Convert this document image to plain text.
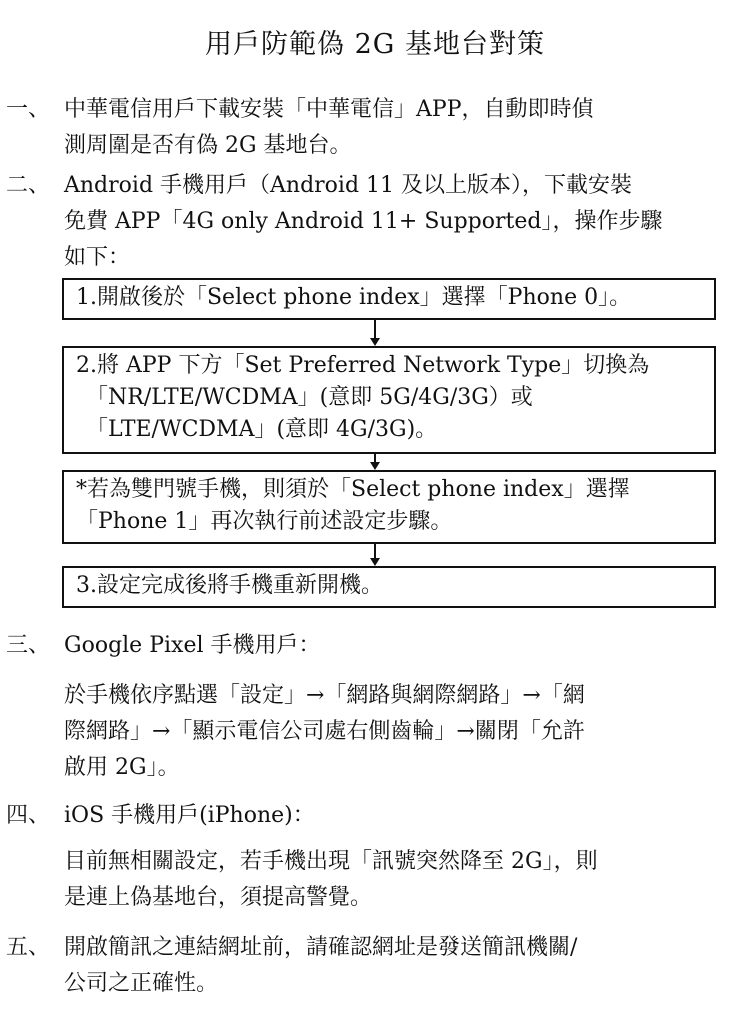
用戶防範偽 2G 基地台對策
一、 中華電信用戶下載安裝「中華電信」APP，自動即時偵
測周圍是否有偽 2G 基地台。
二、 Android 手機用戶（Android 11 及以上版本），下載安裝
免費 APP「4G only Android 11+ Supported」，操作步驟
如下：
1.開啟後於「Select phone index」選擇「Phone 0」。
2.將 APP 下方「Set Preferred Network Type」切換為
「NR/LTE/WCDMA」(意即 5G/4G/3G）或
「LTE/WCDMA」(意即 4G/3G)。
*若為雙門號手機，則須於「Select phone index」選擇
「Phone 1」再次執行前述設定步驟。
3.設定完成後將手機重新開機。
三、 Google Pixel 手機用戶：
於手機依序點選「設定」→「網路與網際網路」→「網
際網路」→「顯示電信公司處右側齒輪」→關閉「允許
啟用 2G」。
四、 iOS 手機用戶(iPhone)：
目前無相關設定，若手機出現「訊號突然降至 2G」，則
是連上偽基地台，須提高警覺。
五、 開啟簡訊之連結網址前，請確認網址是發送簡訊機關/
公司之正確性。
